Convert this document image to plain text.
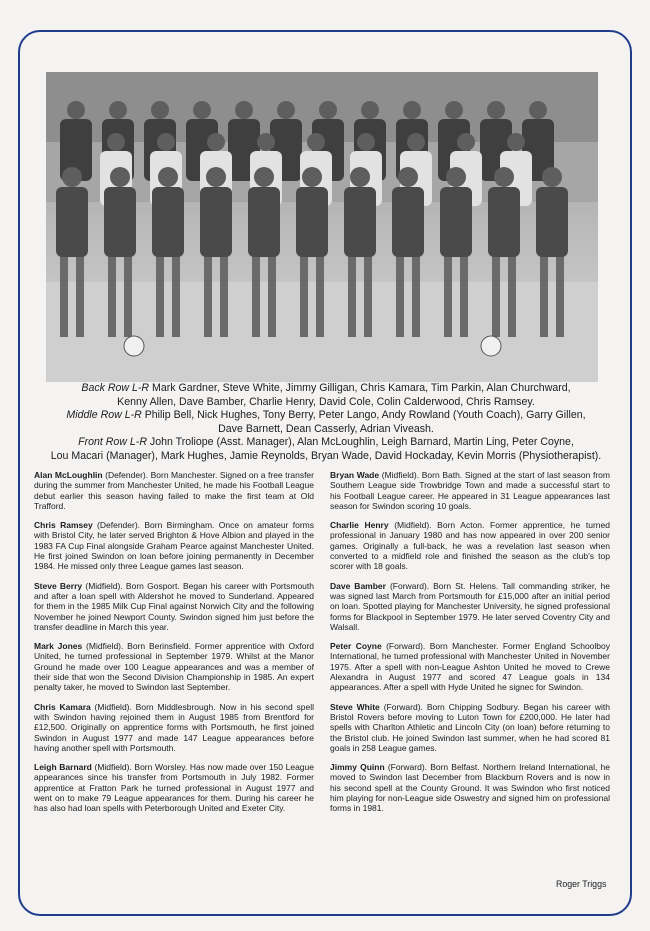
Back Row L-R Mark Gardner, Steve White, Jimmy Gilligan, Chris Kamara, Tim Parkin, Alan Churchward,
Kenny Allen, Dave Bamber, Charlie Henry, David Cole, Colin Calderwood, Chris Ramsey.
Middle Row L-R Philip Bell, Nick Hughes, Tony Berry, Peter Lango, Andy Rowland (Youth Coach), Garry Gillen,
Dave Barnett, Dean Casserly, Adrian Viveash.
Front Row L-R John Troliope (Asst. Manager), Alan McLoughlin, Leigh Barnard, Martin Ling, Peter Coyne,
Lou Macari (Manager), Mark Hughes, Jamie Reynolds, Bryan Wade, David Hockaday, Kevin Morris (Physiotherapist).

Alan McLoughlin (Defender). Born Manchester. Signed on a free transfer during the summer from Manchester United, he made his Football League debut earlier this season having failed to make the first team at Old Trafford.

Chris Ramsey (Defender). Born Birmingham. Once on amateur forms with Bristol City, he later served Brighton & Hove Albion and played in the 1983 FA Cup Final alongside Graham Pearce against Manchester United. He first joined Swindon on loan before joining permanently in December 1984. He missed only three League games last season.

Steve Berry (Midfield). Born Gosport. Began his career with Portsmouth and after a loan spell with Aldershot he moved to Sunderland. Appeared for them in the 1985 Milk Cup Final against Norwich City and the following November he joined Newport County. Swindon signed him just before the transfer deadline in March this year.

Mark Jones (Midfield). Born Berinsfield. Former apprentice with Oxford United, he turned professional in September 1979. Whilst at the Manor Ground he made over 100 League appearances and was a member of their side that won the Second Division Championship in 1985. An expert penalty taker, he moved to Swindon last September.

Chris Kamara (Midfield). Born Middlesbrough. Now in his second spell with Swindon having rejoined them in August 1985 from Brentford for £12,500. Originally on apprentice forms with Portsmouth, he first joined Swindon in August 1977 and made 147 League appearances before having another spell with Portsmouth.

Leigh Barnard (Midfield). Born Worsley. Has now made over 150 League appearances since his transfer from Portsmouth in July 1982. Former apprentice at Fratton Park he turned professional in August 1977 and went on to make 79 League appearances for them. During his career he has also had loan spells with Peterborough United and Exeter City.

Bryan Wade (Midfield). Born Bath. Signed at the start of last season from Southern League side Trowbridge Town and made a successful start to his Football League career. He appeared in 31 League appearances last season for Swindon scoring 10 goals.

Charlie Henry (Midfield). Born Acton. Former apprentice, he turned professional in January 1980 and has now appeared in over 200 senior games. Originally a full-back, he was a revelation last season when converted to a midfield role and finished the season as the club's top scorer with 18 goals.

Dave Bamber (Forward). Born St. Helens. Tall commanding striker, he was signed last March from Portsmouth for £15,000 after an initial period on loan. Spotted playing for Manchester University, he signed professional forms for Blackpool in September 1979. He later served Coventry City and Walsall.

Peter Coyne (Forward). Born Manchester. Former England Schoolboy International, he turned professional with Manchester United in November 1975. After a spell with non-League Ashton United he moved to Crewe Alexandra in August 1977 and scored 47 League goals in 134 appearances. After a spell with Hyde United he signec for Swindon.

Steve White (Forward). Born Chipping Sodbury. Began his career with Bristol Rovers before moving to Luton Town for £200,000. He later had spells with Charlton Athletic and Lincoln City (on loan) before returning to the Bristol club. He joined Swindon last summer, when he had scored 81 goals in 258 League games.

Jimmy Quinn (Forward). Born Belfast. Northern Ireland International, he moved to Swindon last December from Blackburn Rovers and is now in his second spell at the County Ground. It was Swindon who first noticed him playing for non-League side Oswestry and signed him on professional forms in 1981.

Roger Triggs
